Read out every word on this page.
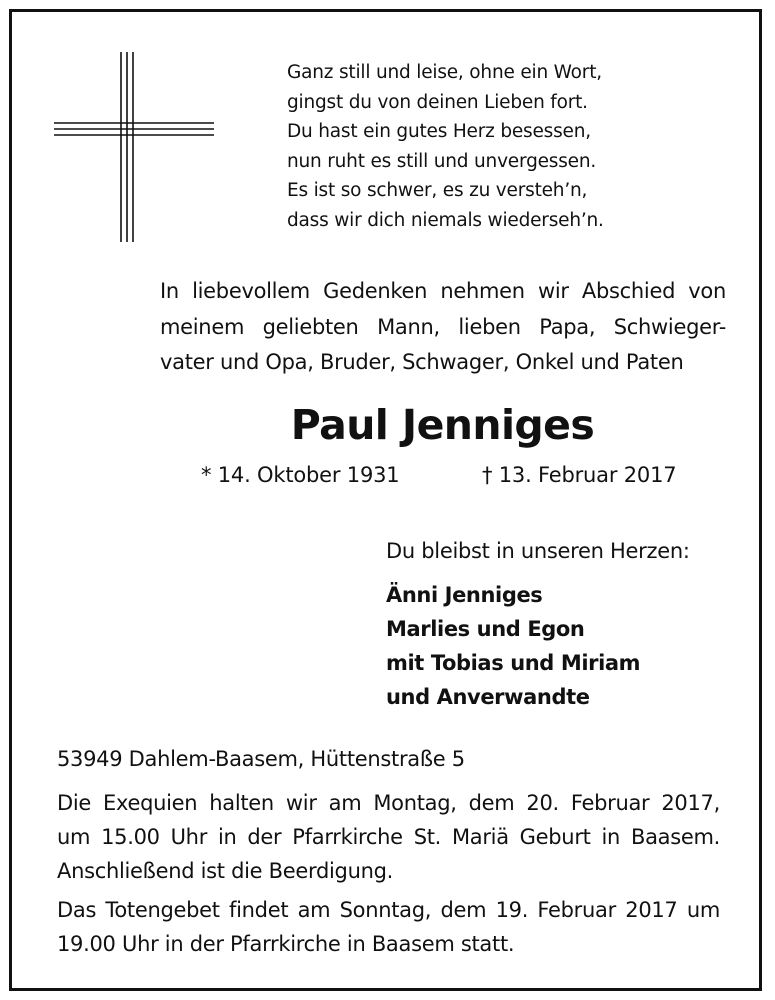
Ganz still und leise, ohne ein Wort,
gingst du von deinen Lieben fort.
Du hast ein gutes Herz besessen,
nun ruht es still und unvergessen.
Es ist so schwer, es zu versteh’n,
dass wir dich niemals wiederseh’n.
In liebevollem Gedenken nehmen wir Abschied von
meinem geliebten Mann, lieben Papa, Schwieger-
vater und Opa, Bruder, Schwager, Onkel und Paten
Paul Jenniges
* 14. Oktober 1931	† 13. Februar 2017
Du bleibst in unseren Herzen:
Änni Jenniges
Marlies und Egon
mit Tobias und Miriam
und Anverwandte
53949 Dahlem-Baasem, Hüttenstraße 5
Die Exequien halten wir am Montag, dem 20. Februar 2017,
um 15.00 Uhr in der Pfarrkirche St. Mariä Geburt in Baasem.
Anschließend ist die Beerdigung.
Das Totengebet findet am Sonntag, dem 19. Februar 2017 um
19.00 Uhr in der Pfarrkirche in Baasem statt.
